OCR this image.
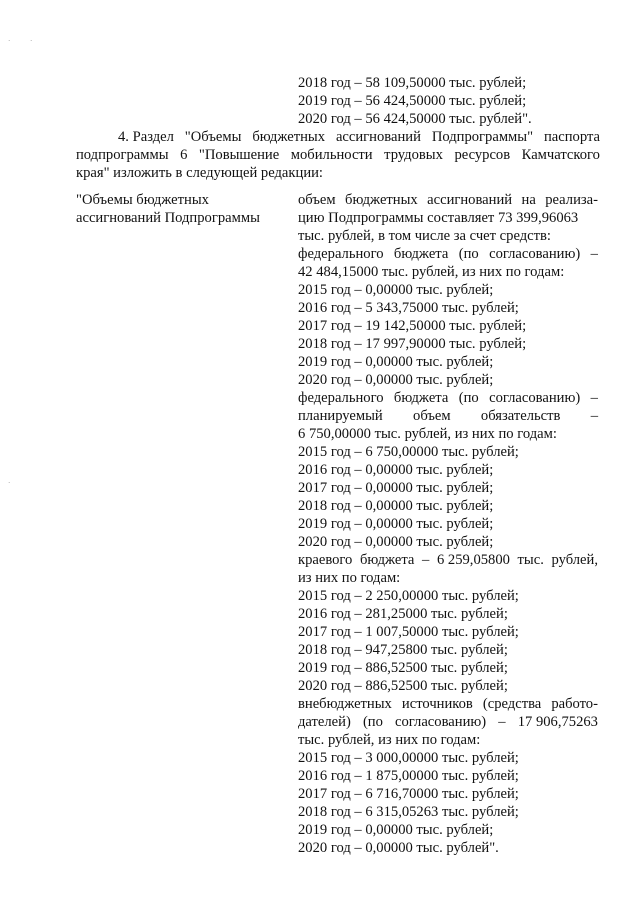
·	·
·
2018 год – 58 109,50000 тыс. рублей;
2019 год – 56 424,50000 тыс. рублей;
2020 год – 56 424,50000 тыс. рублей".
4. Раздел "Объемы бюджетных ассигнований Подпрограммы" паспорта
подпрограммы 6 "Повышение мобильности трудовых ресурсов Камчатского
края" изложить в следующей редакции:
"Объемы бюджетных
ассигнований Подпрограммы
объем бюджетных ассигнований на реализа-
цию Подпрограммы составляет 73 399,96063
тыс. рублей, в том числе за счет средств:
федерального бюджета (по согласованию) –
42 484,15000 тыс. рублей, из них по годам:
2015 год – 0,00000 тыс. рублей;
2016 год – 5 343,75000 тыс. рублей;
2017 год – 19 142,50000 тыс. рублей;
2018 год – 17 997,90000 тыс. рублей;
2019 год – 0,00000 тыс. рублей;
2020 год – 0,00000 тыс. рублей;
федерального бюджета (по согласованию) –
планируемый объем обязательств –
6 750,00000 тыс. рублей, из них по годам:
2015 год – 6 750,00000 тыс. рублей;
2016 год – 0,00000 тыс. рублей;
2017 год – 0,00000 тыс. рублей;
2018 год – 0,00000 тыс. рублей;
2019 год – 0,00000 тыс. рублей;
2020 год – 0,00000 тыс. рублей;
краевого бюджета – 6 259,05800 тыс. рублей,
из них по годам:
2015 год – 2 250,00000 тыс. рублей;
2016 год – 281,25000 тыс. рублей;
2017 год – 1 007,50000 тыс. рублей;
2018 год – 947,25800 тыс. рублей;
2019 год – 886,52500 тыс. рублей;
2020 год – 886,52500 тыс. рублей;
внебюджетных источников (средства работо-
дателей) (по согласованию) – 17 906,75263
тыс. рублей, из них по годам:
2015 год – 3 000,00000 тыс. рублей;
2016 год – 1 875,00000 тыс. рублей;
2017 год – 6 716,70000 тыс. рублей;
2018 год – 6 315,05263 тыс. рублей;
2019 год – 0,00000 тыс. рублей;
2020 год – 0,00000 тыс. рублей".
